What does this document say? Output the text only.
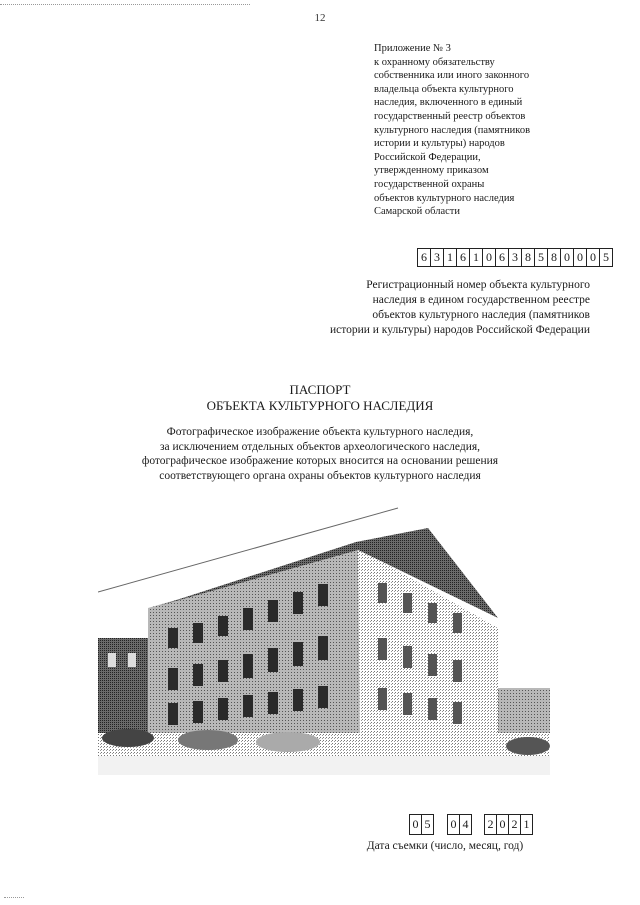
12
Приложение № 3
к охранному обязательству
собственника или иного законного
владельца объекта культурного
наследия, включенного в единый
государственный реестр объектов
культурного наследия (памятников
истории и культуры) народов
Российской Федерации,
утвержденному приказом
государственной охраны
объектов культурного наследия
Самарской области
6 3 1 6 1 0 6 3 8 5 8 0 0 0 5
Регистрационный номер объекта культурного
наследия в едином государственном реестре
объектов культурного наследия (памятников
истории и культуры) народов Российской Федерации
ПАСПОРТ
ОБЪЕКТА КУЛЬТУРНОГО НАСЛЕДИЯ
Фотографическое изображение объекта культурного наследия,
за исключением отдельных объектов археологического наследия,
фотографическое изображение которых вносится на основании решения
соответствующего органа охраны объектов культурного наследия
0 5 0 4 2 0 2 1
Дата съемки (число, месяц, год)
